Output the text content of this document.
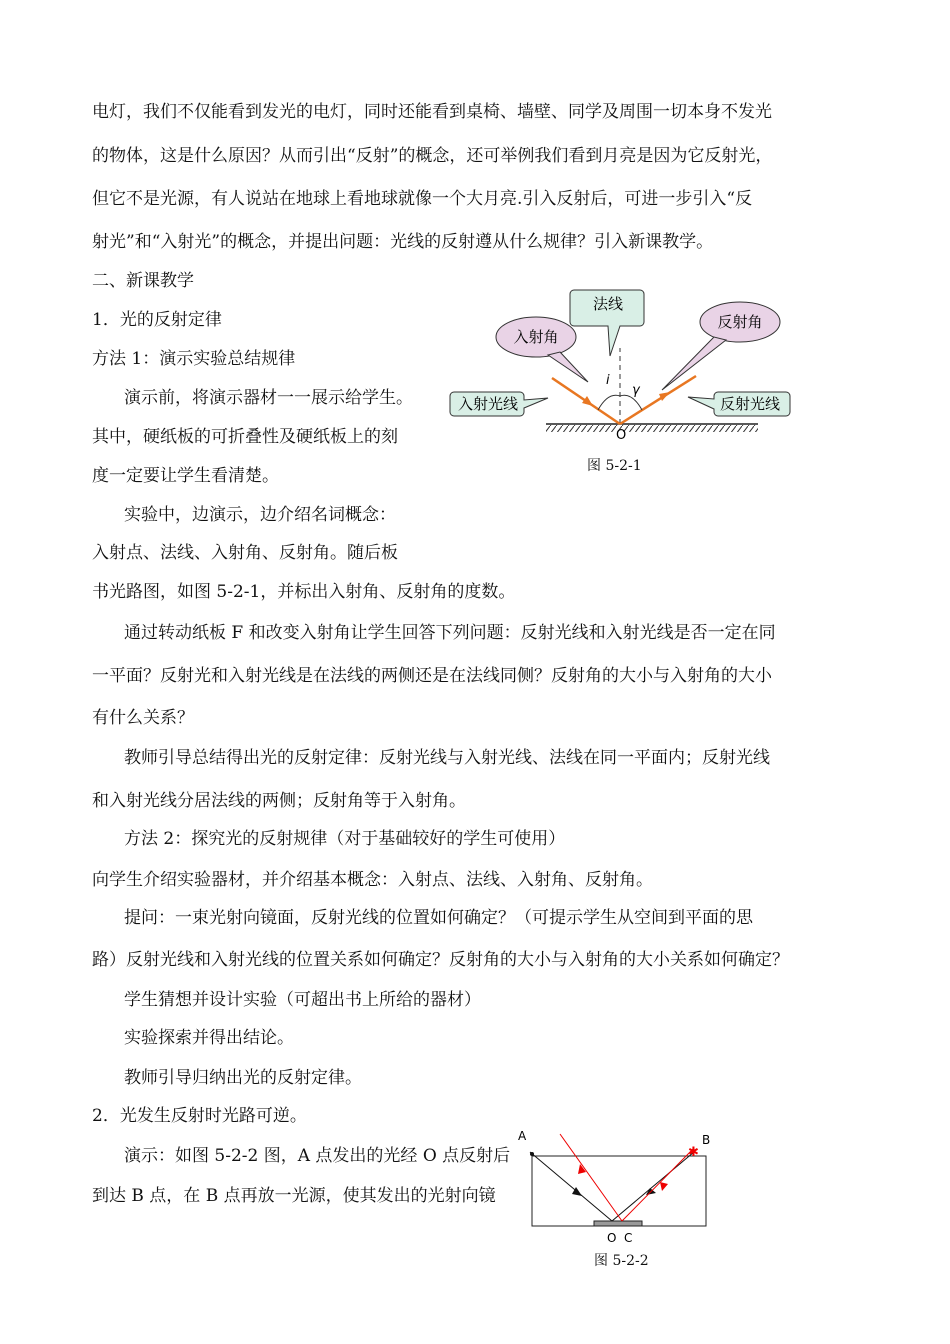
电灯，我们不仅能看到发光的电灯，同时还能看到桌椅、墙壁、同学及周围一切本身不发光
的物体，这是什么原因？从而引出“反射”的概念，还可举例我们看到月亮是因为它反射光，
但它不是光源，有人说站在地球上看地球就像一个大月亮.引入反射后，可进一步引入“反
射光”和“入射光”的概念，并提出问题：光线的反射遵从什么规律？引入新课教学。
二、新课教学
1．光的反射定律
方法 1：演示实验总结规律
演示前，将演示器材一一展示给学生。
其中，硬纸板的可折叠性及硬纸板上的刻
度一定要让学生看清楚。
实验中，边演示，边介绍名词概念：
入射点、法线、入射角、反射角。随后板
书光路图，如图 5-2-1，并标出入射角、反射角的度数。
通过转动纸板 F 和改变入射角让学生回答下列问题：反射光线和入射光线是否一定在同
一平面？反射光和入射光线是在法线的两侧还是在法线同侧？反射角的大小与入射角的大小
有什么关系？
教师引导总结得出光的反射定律：反射光线与入射光线、法线在同一平面内；反射光线
和入射光线分居法线的两侧；反射角等于入射角。
方法 2：探究光的反射规律（对于基础较好的学生可使用）
向学生介绍实验器材，并介绍基本概念：入射点、法线、入射角、反射角。
提问：一束光射向镜面，反射光线的位置如何确定？（可提示学生从空间到平面的思
路）反射光线和入射光线的位置关系如何确定？反射角的大小与入射角的大小关系如何确定？
学生猜想并设计实验（可超出书上所给的器材）
实验探索并得出结论。
教师引导归纳出光的反射定律。
2．光发生反射时光路可逆。
演示：如图 5-2-2 图，A 点发出的光经 O 点反射后
到达 B 点，在 B 点再放一光源，使其发出的光射向镜
法线
入射角
反射角
入射光线	反射光线
i
γ
O
图 5-2-1
✱
A	B
O C
图 5-2-2
